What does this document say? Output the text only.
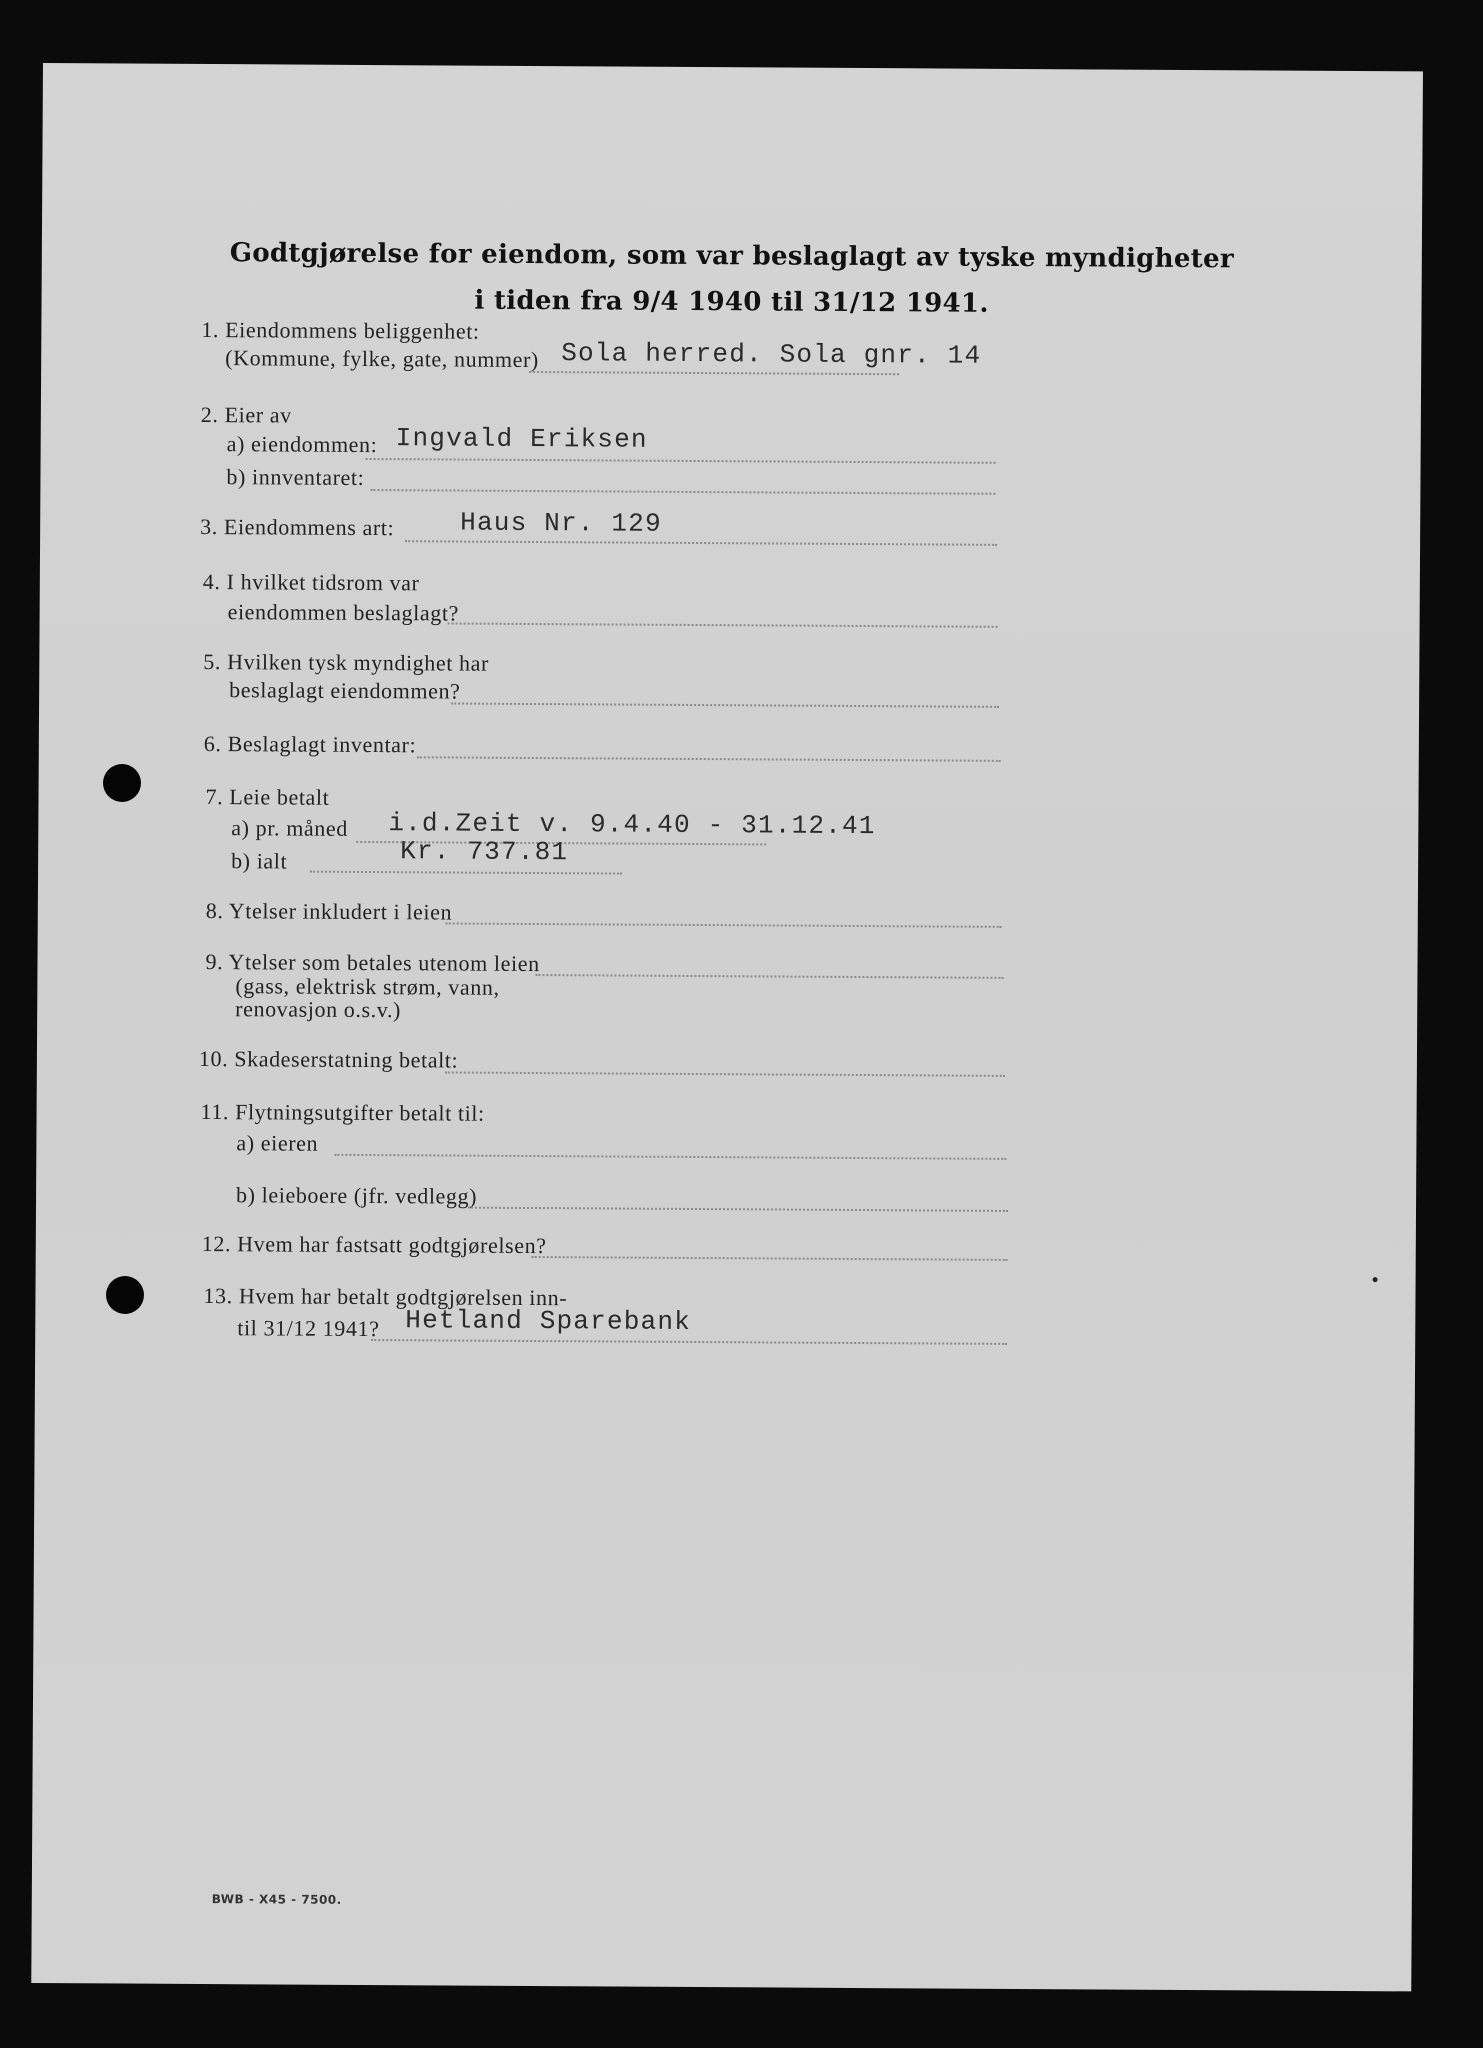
Godtgjørelse for eiendom, som var beslaglagt av tyske myndigheter
i tiden fra 9/4 1940 til 31/12 1941.
1. Eiendommens beliggenhet:
(Kommune, fylke, gate, nummer) Sola herred. Sola gnr. 14
2. Eier av
a) eiendommen: Ingvald Eriksen
b) innventaret:
3. Eiendommens art:	Haus Nr. 129
4. I hvilket tidsrom var
eiendommen beslaglagt?
5. Hvilken tysk myndighet har
beslaglagt eiendommen?
6. Beslaglagt inventar:
7. Leie betalt
a) pr. måned i.d.Zeit v. 9.4.40 - 31.12.41
b) ialt	Kr. 737.81
8. Ytelser inkludert i leien
9. Ytelser som betales utenom leien
(gass, elektrisk strøm, vann,
renovasjon o.s.v.)
10. Skadeserstatning betalt:
11. Flytningsutgifter betalt til:
a) eieren
b) leieboere (jfr. vedlegg)
12. Hvem har fastsatt godtgjørelsen?
13. Hvem har betalt godtgjørelsen inn-
til 31/12 1941? Hetland Sparebank
BWB - X45 - 7500.
